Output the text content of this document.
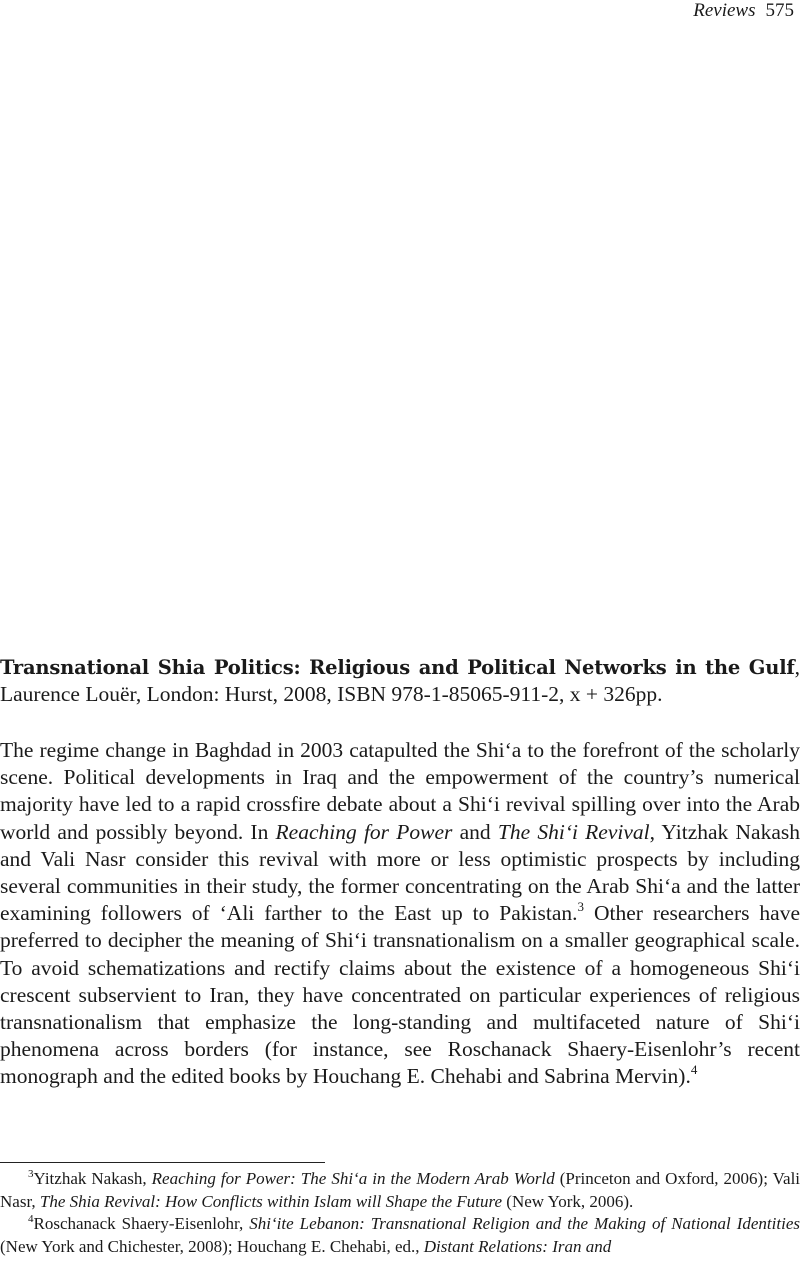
Reviews 575
Transnational Shia Politics: Religious and Political Networks in the Gulf, Laurence Louër, London: Hurst, 2008, ISBN 978-1-85065-911-2, x + 326pp.

The regime change in Baghdad in 2003 catapulted the Shi‘a to the forefront of the scholarly scene. Political developments in Iraq and the empowerment of the country’s numerical majority have led to a rapid crossfire debate about a Shi‘i revival spilling over into the Arab world and possibly beyond. In Reaching for Power and The Shi‘i Revival, Yitzhak Nakash and Vali Nasr consider this revival with more or less optimistic prospects by including several communities in their study, the former concentrating on the Arab Shi‘a and the latter examining followers of ‘Ali farther to the East up to Pakistan.$^3$ Other researchers have preferred to decipher the meaning of Shi‘i transnationalism on a smaller geographical scale. To avoid schematizations and rectify claims about the existence of a homogeneous Shi‘i crescent subservient to Iran, they have concentrated on particular experiences of religious transnationalism that emphasize the long-standing and multifaceted nature of Shi‘i phenomena across borders (for instance, see Roschanack Shaery-Eisenlohr’s recent monograph and the edited books by Houchang E. Chehabi and Sabrina Mervin).$^4$

$^3$Yitzhak Nakash, Reaching for Power: The Shi‘a in the Modern Arab World (Princeton and Oxford, 2006); Vali Nasr, The Shia Revival: How Conflicts within Islam will Shape the Future (New York, 2006).

$^4$Roschanack Shaery-Eisenlohr, Shi‘ite Lebanon: Transnational Religion and the Making of National Identities (New York and Chichester, 2008); Houchang E. Chehabi, ed., Distant Relations: Iran and
